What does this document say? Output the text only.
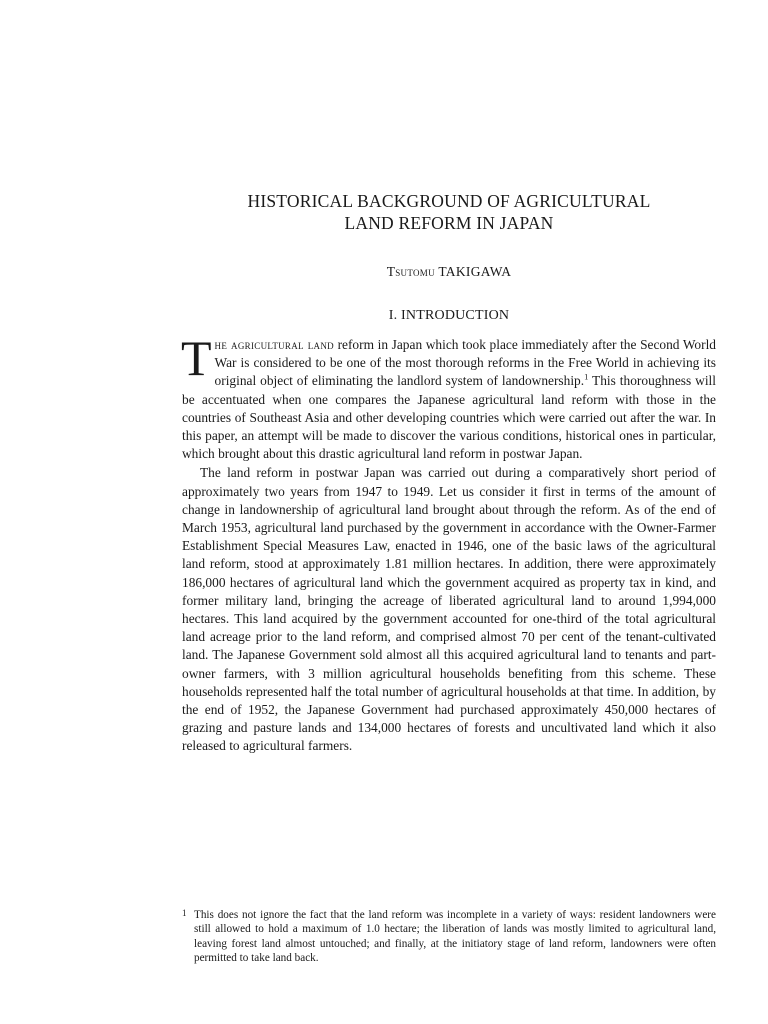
HISTORICAL BACKGROUND OF AGRICULTURAL
LAND REFORM IN JAPAN
Tsutomu TAKIGAWA
I. INTRODUCTION

The agricultural land reform in Japan which took place immediately after the Second World War is considered to be one of the most thorough reforms in the Free World in achieving its original object of eliminating the landlord system of landownership.$^1$ This thoroughness will be accentuated when one compares the Japanese agricultural land reform with those in the countries of Southeast Asia and other developing countries which were carried out after the war. In this paper, an attempt will be made to discover the various conditions, historical ones in particular, which brought about this drastic agricultural land reform in postwar Japan.

The land reform in postwar Japan was carried out during a comparatively short period of approximately two years from 1947 to 1949. Let us consider it first in terms of the amount of change in landownership of agricultural land brought about through the reform. As of the end of March 1953, agricultural land purchased by the government in accordance with the Owner-Farmer Establishment Special Measures Law, enacted in 1946, one of the basic laws of the agricultural land reform, stood at approximately 1.81 million hectares. In addition, there were approximately 186,000 hectares of agricultural land which the government acquired as property tax in kind, and former military land, bringing the acreage of liberated agricultural land to around 1,994,000 hectares. This land acquired by the government accounted for one-third of the total agricultural land acreage prior to the land reform, and comprised almost 70 per cent of the tenant-cultivated land. The Japanese Government sold almost all this acquired agricultural land to tenants and part-owner farmers, with 3 million agricultural households benefiting from this scheme. These households represented half the total number of agricultural households at that time. In addition, by the end of 1952, the Japanese Government had purchased approximately 450,000 hectares of grazing and pasture lands and 134,000 hectares of forests and uncultivated land which it also released to agricultural farmers.

1 This does not ignore the fact that the land reform was incomplete in a variety of ways: resident landowners were still allowed to hold a maximum of 1.0 hectare; the liberation of lands was mostly limited to agricultural land, leaving forest land almost untouched; and finally, at the initiatory stage of land reform, landowners were often permitted to take land back.
